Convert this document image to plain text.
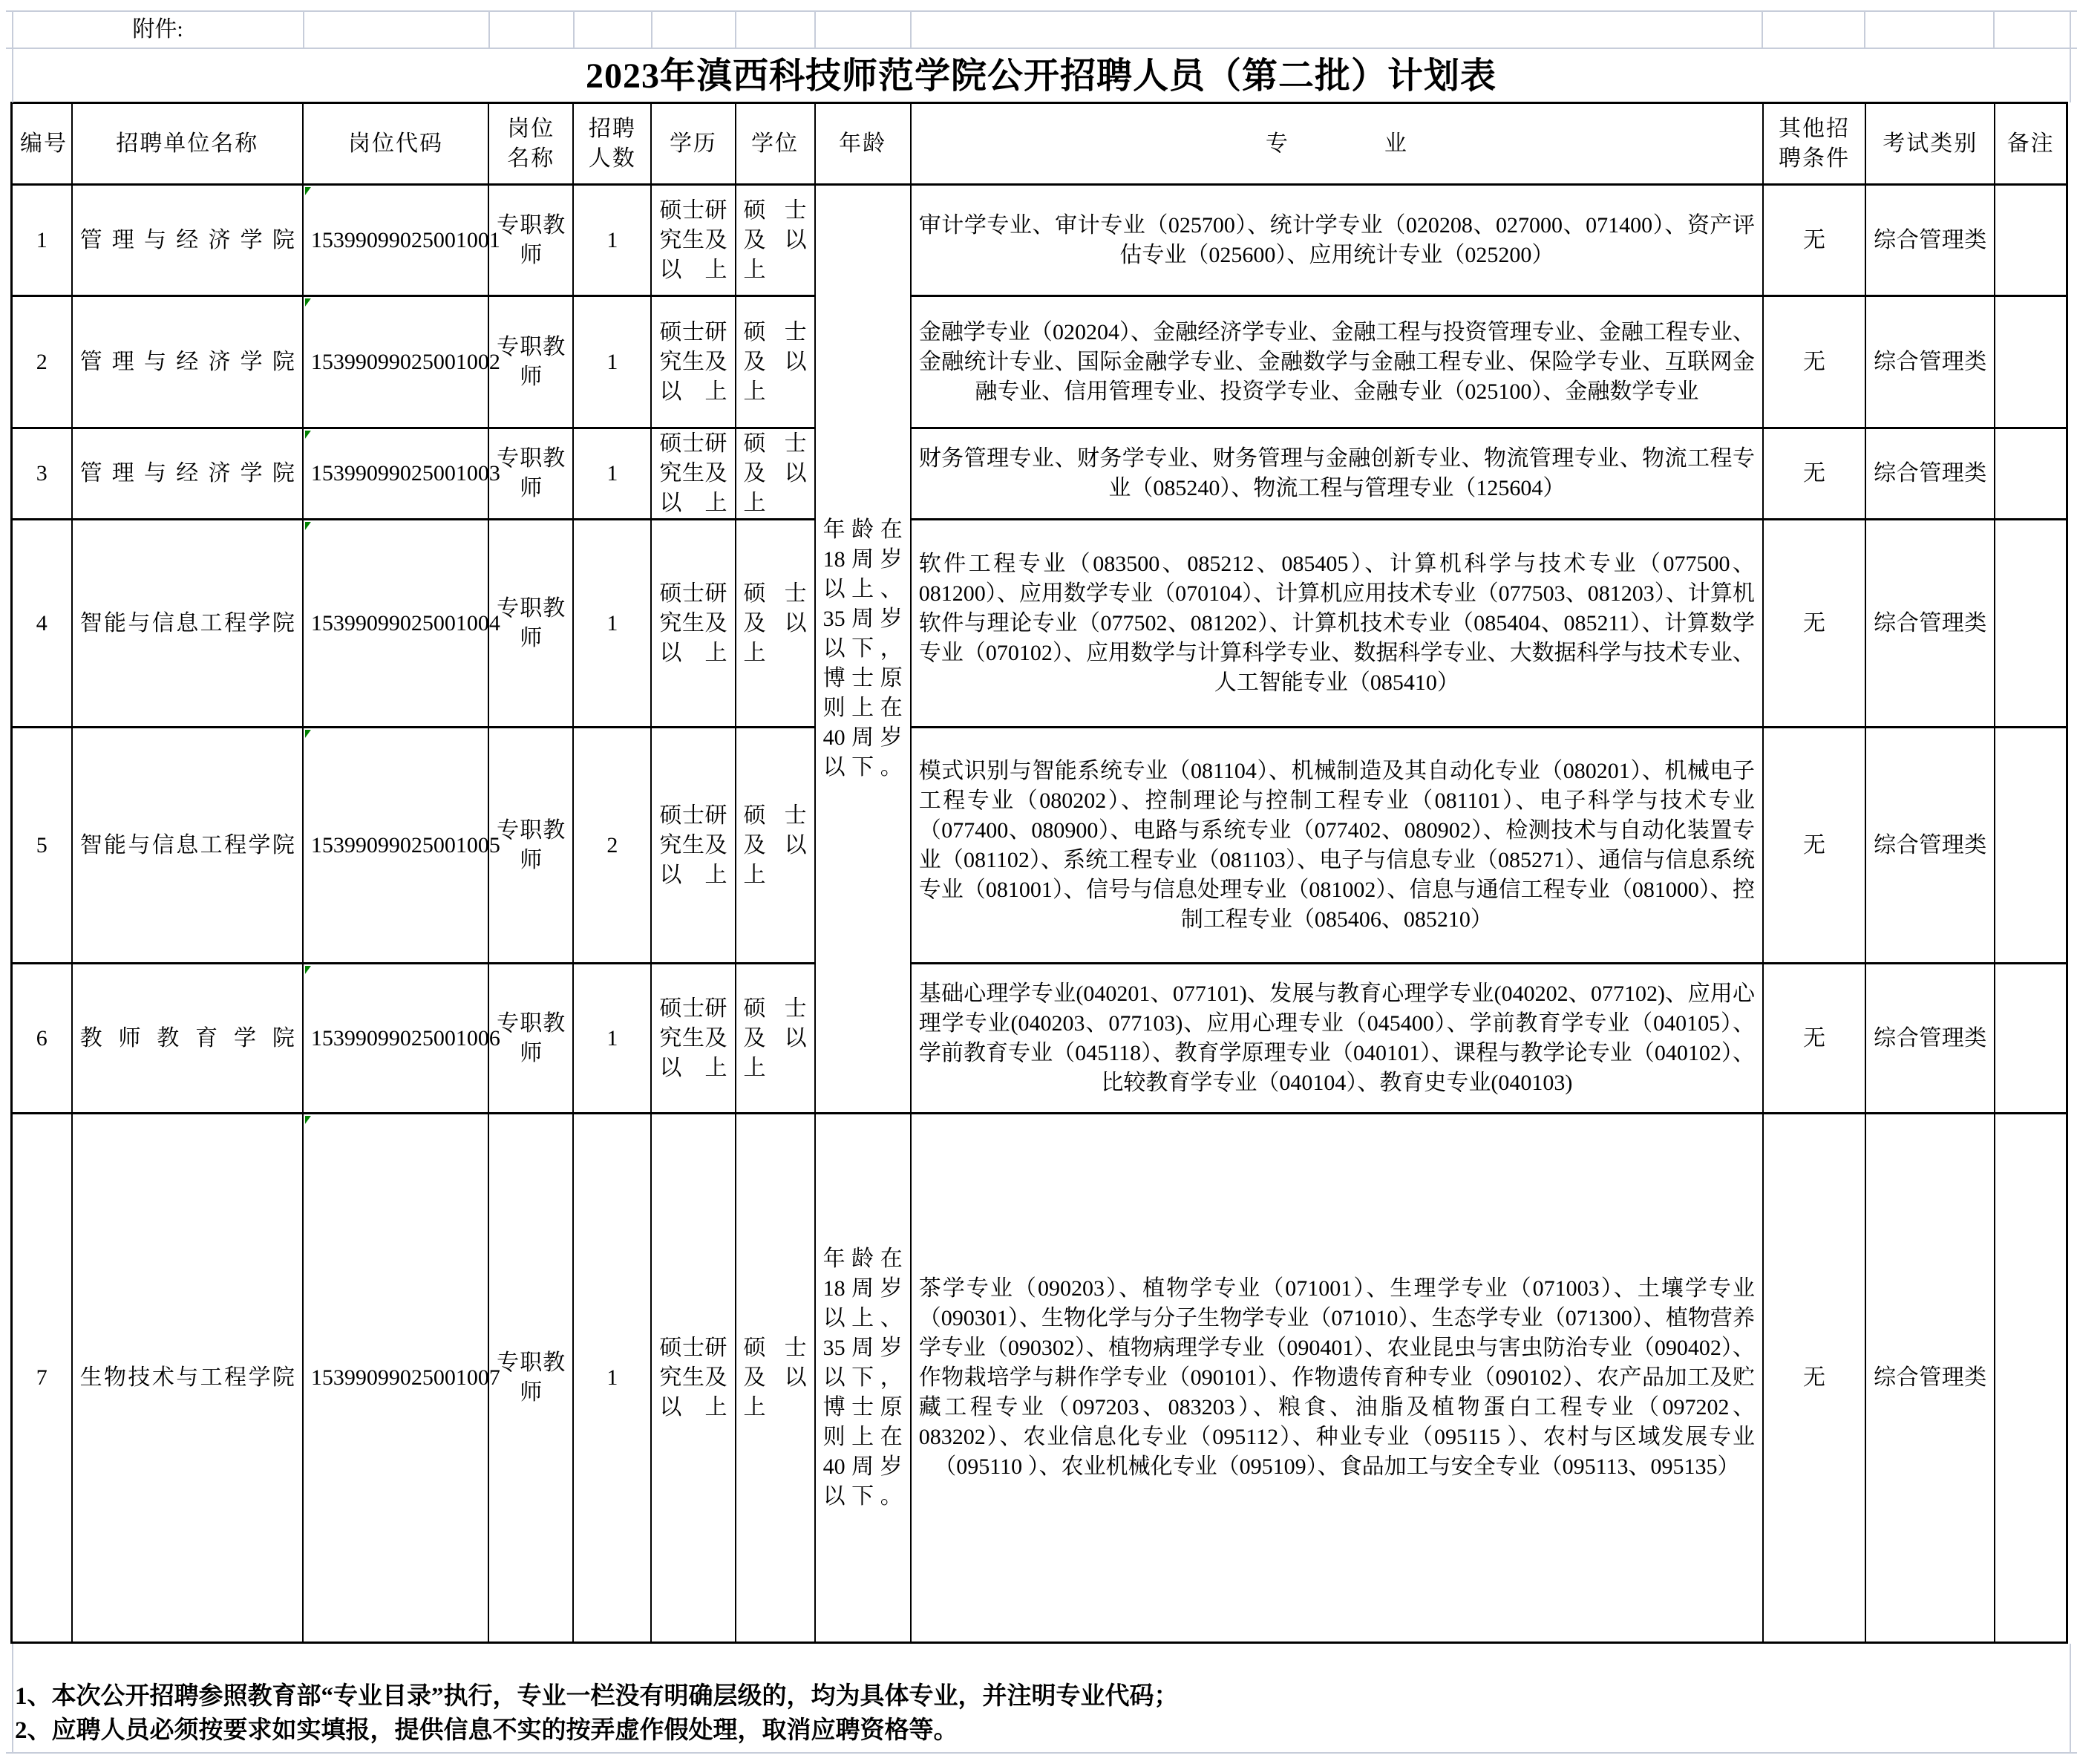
附件:
2023年滇西科技师范学院公开招聘人员（第二批）计划表
编号	招聘单位名称	岗位代码	岗位名称	招聘人数	学历	学位	年龄	专　　　　业	其他招聘条件	考试类别	备注
1	管理与经济学院	15399099025001001	专职教师	1	硕士研究生及以上	硕士及以上	年龄在18周岁以上、35周岁以下，博士原则上在40周岁以下。	审计学专业、审计专业（025700）、统计学专业（020208、027000、071400）、资产评估专业（025600）、应用统计专业（025200）	无	综合管理类	
2	管理与经济学院	15399099025001002	专职教师	1	硕士研究生及以上	硕士及以上		金融学专业（020204）、金融经济学专业、金融工程与投资管理专业、金融工程专业、金融统计专业、国际金融学专业、金融数学与金融工程专业、保险学专业、互联网金融专业、信用管理专业、投资学专业、金融专业（025100）、金融数学专业	无	综合管理类	
3	管理与经济学院	15399099025001003	专职教师	1	硕士研究生及以上	硕士及以上		财务管理专业、财务学专业、财务管理与金融创新专业、物流管理专业、物流工程专业（085240）、物流工程与管理专业（125604）	无	综合管理类	
4	智能与信息工程学院	15399099025001004	专职教师	1	硕士研究生及以上	硕士及以上		软件工程专业（083500、085212、085405）、计算机科学与技术专业（077500、081200）、应用数学专业（070104）、计算机应用技术专业（077503、081203）、计算机软件与理论专业（077502、081202）、计算机技术专业（085404、085211）、计算数学专业（070102）、应用数学与计算科学专业、数据科学专业、大数据科学与技术专业、人工智能专业（085410）	无	综合管理类	
5	智能与信息工程学院	15399099025001005	专职教师	2	硕士研究生及以上	硕士及以上		模式识别与智能系统专业（081104）、机械制造及其自动化专业（080201）、机械电子工程专业（080202）、控制理论与控制工程专业（081101）、电子科学与技术专业（077400、080900）、电路与系统专业（077402、080902）、检测技术与自动化装置专业（081102）、系统工程专业（081103）、电子与信息专业（085271）、通信与信息系统专业（081001）、信号与信息处理专业（081002）、信息与通信工程专业（081000）、控制工程专业（085406、085210）	无	综合管理类	
6	教师教育学院	15399099025001006	专职教师	1	硕士研究生及以上	硕士及以上		基础心理学专业(040201、077101)、发展与教育心理学专业(040202、077102)、应用心理学专业(040203、077103)、应用心理专业（045400）、学前教育学专业（040105）、学前教育专业（045118）、教育学原理专业（040101）、课程与教学论专业（040102）、比较教育学专业（040104）、教育史专业(040103)	无	综合管理类	
7	生物技术与工程学院	15399099025001007	专职教师	1	硕士研究生及以上	硕士及以上	年龄在18周岁以上、35周岁以下，博士原则上在40周岁以下。	茶学专业（090203）、植物学专业（071001）、生理学专业（071003）、土壤学专业（090301）、生物化学与分子生物学专业（071010）、生态学专业（071300）、植物营养学专业（090302）、植物病理学专业（090401）、农业昆虫与害虫防治专业（090402）、作物栽培学与耕作学专业（090101）、作物遗传育种专业（090102）、农产品加工及贮藏工程专业（097203、083203）、粮食、油脂及植物蛋白工程专业（097202、083202）、农业信息化专业（095112）、种业专业（095115 ）、农村与区域发展专业（095110 ）、农业机械化专业（095109）、食品加工与安全专业（095113、095135）	无	综合管理类	
1、本次公开招聘参照教育部“专业目录”执行，专业一栏没有明确层级的，均为具体专业，并注明专业代码；
2、应聘人员必须按要求如实填报，提供信息不实的按弄虚作假处理，取消应聘资格等。
